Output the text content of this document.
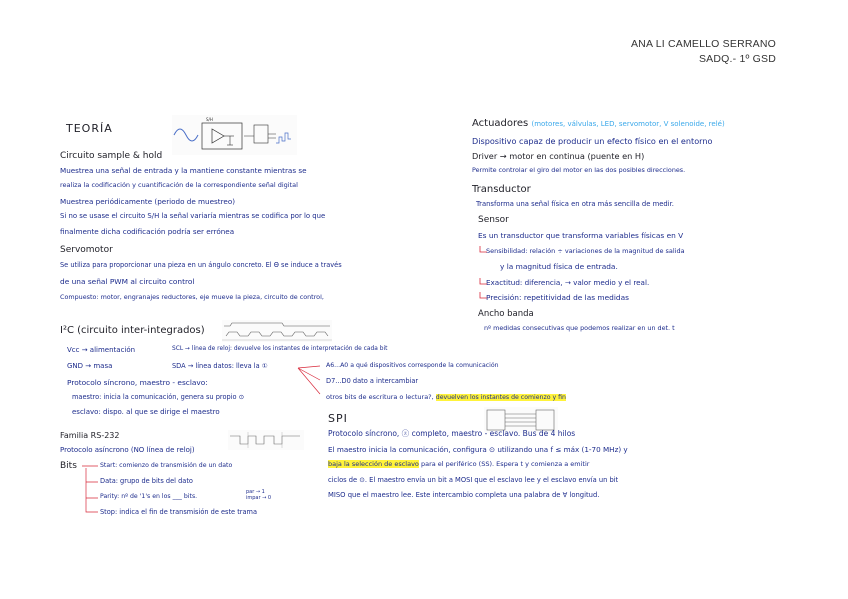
ANA LI CAMELLO SERRANO
SADQ.- 1º GSD
TEORÍA
S/H
Circuito sample & hold
Muestrea una señal de entrada y la mantiene constante mientras se
realiza la codificación y cuantificación de la correspondiente señal digital
Muestrea periódicamente (periodo de muestreo)
Si no se usase el circuito S/H la señal variaría mientras se codifica por lo que
finalmente dicha codificación podría ser errónea
Servomotor
Se utiliza para proporcionar una pieza en un ángulo concreto. El Θ se induce a través
de una señal PWM al circuito control
Compuesto: motor, engranajes reductores, eje mueve la pieza, circuito de control,
I²C (circuito inter-integrados)
Vcc → alimentación
GND → masa
SCL → línea de reloj: devuelve los instantes de interpretación de cada bit
SDA → línea datos: lleva la ①	A6...A0 a qué dispositivos corresponde la comunicación
D7...D0 dato a intercambiar
Protocolo síncrono, maestro - esclavo:
maestro: inicia la comunicación, genera su propio ⊙
esclavo: dispo. al que se dirige el maestro
otros bits de escritura o lectura?, devuelven los instantes de comienzo y fin
Familia RS-232
Protocolo asíncrono (NO línea de reloj)
Bits	Start: comienzo de transmisión de un dato
Data: grupo de bits del dato
Parity: nº de '1's en los ___ bits.
par → 1 impar → 0
Stop: indica el fin de transmisión de este trama
Actuadores (motores, válvulas, LED, servomotor, V solenoide, relé)
Dispositivo capaz de producir un efecto físico en el entorno
Driver → motor en continua (puente en H)
Permite controlar el giro del motor en las dos posibles direcciones.
Transductor
Transforma una señal física en otra más sencilla de medir.
Sensor
Es un transductor que transforma variables físicas en V
Sensibilidad: relación ÷ variaciones de la magnitud de salida
y la magnitud física de entrada.
Exactitud: diferencia, → valor medio y el real.
Precisión: repetitividad de las medidas
Ancho banda
nº medidas consecutivas que podemos realizar en un det. t
SPI
Protocolo síncrono, ⓩ completo, maestro - esclavo. Bus de 4 hilos
El maestro inicia la comunicación, configura ⊙ utilizando una f ≤ máx (1-70 MHz) y
baja la selección de esclavo para el periférico (SS). Espera t y comienza a emitir
ciclos de ⊙. El maestro envía un bit a MOSI que el esclavo lee y el esclavo envía un bit
MISO que el maestro lee. Este intercambio completa una palabra de ∀ longitud.
